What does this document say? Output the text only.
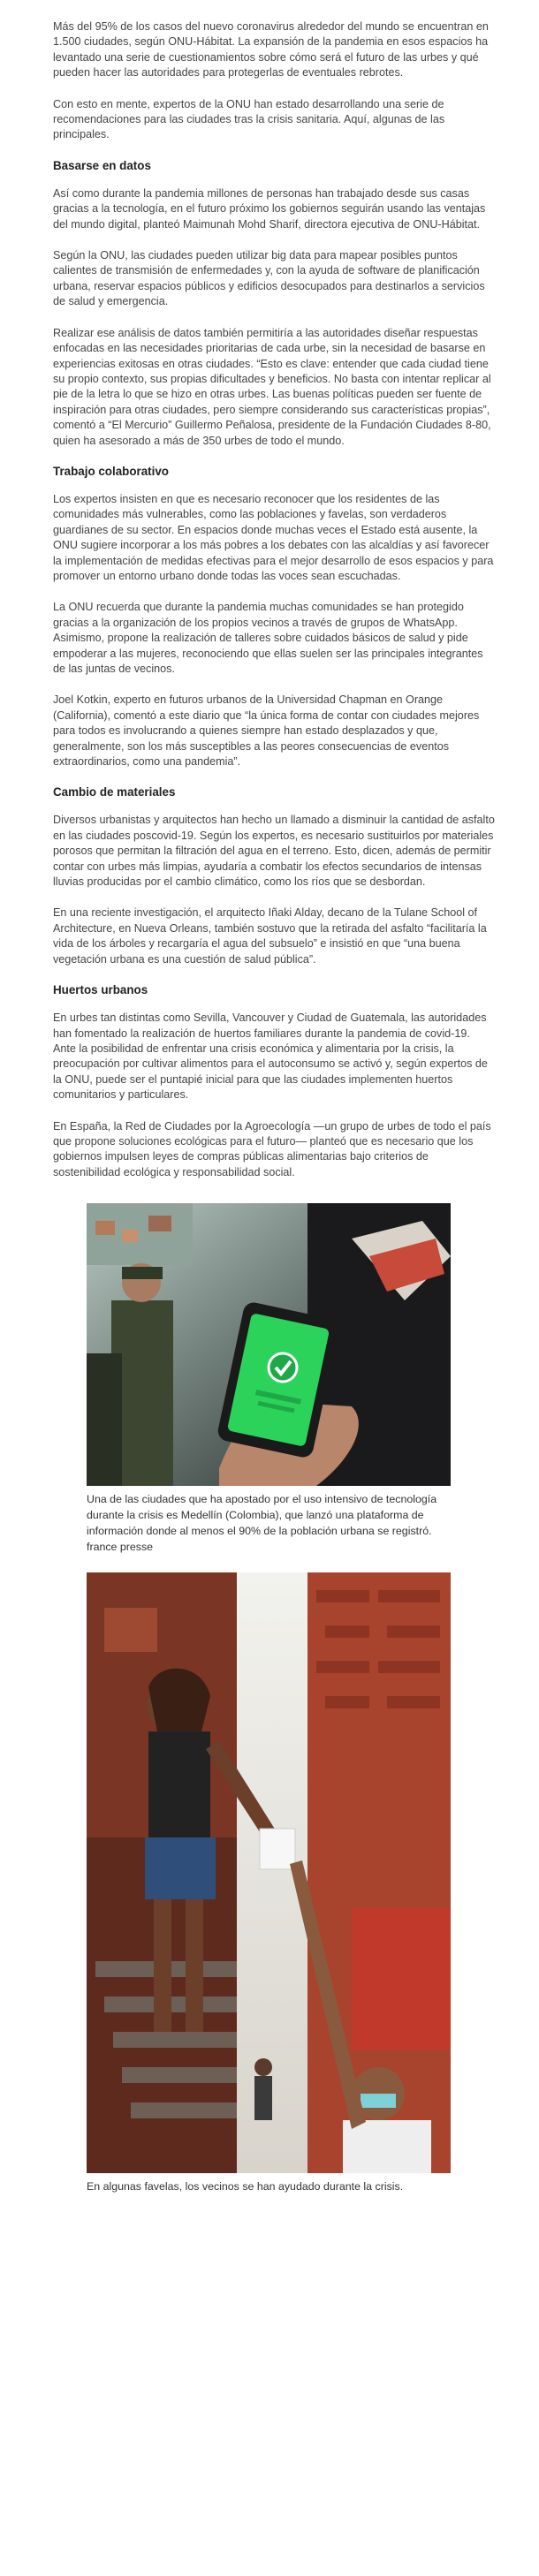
Más del 95% de los casos del nuevo coronavirus alrededor del mundo se encuentran en 1.500 ciudades, según ONU-Hábitat. La expansión de la pandemia en esos espacios ha levantado una serie de cuestionamientos sobre cómo será el futuro de las urbes y qué pueden hacer las autoridades para protegerlas de eventuales rebrotes.

Con esto en mente, expertos de la ONU han estado desarrollando una serie de recomendaciones para las ciudades tras la crisis sanitaria. Aquí, algunas de las principales.

Basarse en datos

Así como durante la pandemia millones de personas han trabajado desde sus casas gracias a la tecnología, en el futuro próximo los gobiernos seguirán usando las ventajas del mundo digital, planteó Maimunah Mohd Sharif, directora ejecutiva de ONU-Hábitat.

Según la ONU, las ciudades pueden utilizar big data para mapear posibles puntos calientes de transmisión de enfermedades y, con la ayuda de software de planificación urbana, reservar espacios públicos y edificios desocupados para destinarlos a servicios de salud y emergencia.

Realizar ese análisis de datos también permitiría a las autoridades diseñar respuestas enfocadas en las necesidades prioritarias de cada urbe, sin la necesidad de basarse en experiencias exitosas en otras ciudades. “Esto es clave: entender que cada ciudad tiene su propio contexto, sus propias dificultades y beneficios. No basta con intentar replicar al pie de la letra lo que se hizo en otras urbes. Las buenas políticas pueden ser fuente de inspiración para otras ciudades, pero siempre considerando sus características propias”, comentó a “El Mercurio” Guillermo Peñalosa, presidente de la Fundación Ciudades 8-80, quien ha asesorado a más de 350 urbes de todo el mundo.

Trabajo colaborativo

Los expertos insisten en que es necesario reconocer que los residentes de las comunidades más vulnerables, como las poblaciones y favelas, son verdaderos guardianes de su sector. En espacios donde muchas veces el Estado está ausente, la ONU sugiere incorporar a los más pobres a los debates con las alcaldías y así favorecer la implementación de medidas efectivas para el mejor desarrollo de esos espacios y para promover un entorno urbano donde todas las voces sean escuchadas.

La ONU recuerda que durante la pandemia muchas comunidades se han protegido gracias a la organización de los propios vecinos a través de grupos de WhatsApp. Asimismo, propone la realización de talleres sobre cuidados básicos de salud y pide empoderar a las mujeres, reconociendo que ellas suelen ser las principales integrantes de las juntas de vecinos.

Joel Kotkin, experto en futuros urbanos de la Universidad Chapman en Orange (California), comentó a este diario que “la única forma de contar con ciudades mejores para todos es involucrando a quienes siempre han estado desplazados y que, generalmente, son los más susceptibles a las peores consecuencias de eventos extraordinarios, como una pandemia”.

Cambio de materiales

Diversos urbanistas y arquitectos han hecho un llamado a disminuir la cantidad de asfalto en las ciudades poscovid-19. Según los expertos, es necesario sustituirlos por materiales porosos que permitan la filtración del agua en el terreno. Esto, dicen, además de permitir contar con urbes más limpias, ayudaría a combatir los efectos secundarios de intensas lluvias producidas por el cambio climático, como los ríos que se desbordan.

En una reciente investigación, el arquitecto Iñaki Alday, decano de la Tulane School of Architecture, en Nueva Orleans, también sostuvo que la retirada del asfalto “facilitaría la vida de los árboles y recargaría el agua del subsuelo” e insistió en que “una buena vegetación urbana es una cuestión de salud pública”.

Huertos urbanos

En urbes tan distintas como Sevilla, Vancouver y Ciudad de Guatemala, las autoridades han fomentado la realización de huertos familiares durante la pandemia de covid-19. Ante la posibilidad de enfrentar una crisis económica y alimentaria por la crisis, la preocupación por cultivar alimentos para el autoconsumo se activó y, según expertos de la ONU, puede ser el puntapié inicial para que las ciudades implementen huertos comunitarios y particulares.

En España, la Red de Ciudades por la Agroecología —un grupo de urbes de todo el país que propone soluciones ecológicas para el futuro— planteó que es necesario que los gobiernos impulsen leyes de compras públicas alimentarias bajo criterios de sostenibilidad ecológica y responsabilidad social.

Una de las ciudades que ha apostado por el uso intensivo de tecnología durante la crisis es Medellín (Colombia), que lanzó una plataforma de información donde al menos el 90% de la población urbana se registró. france presse
En algunas favelas, los vecinos se han ayudado durante la crisis.
